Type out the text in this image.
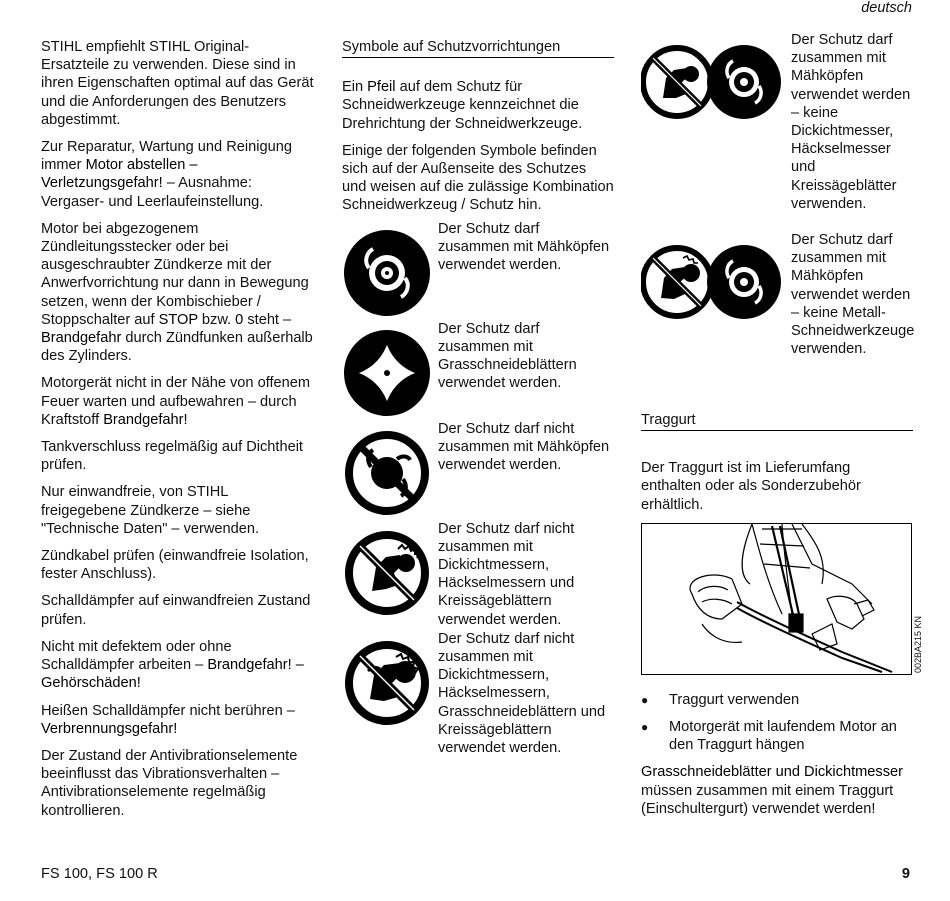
deutsch

STIHL empfiehlt STIHL Original-Ersatzteile zu verwenden. Diese sind in ihren Eigenschaften optimal auf das Gerät und die Anforderungen des Benutzers abgestimmt.

Zur Reparatur, Wartung und Reinigung immer Motor abstellen – Verletzungsgefahr! – Ausnahme: Vergaser- und Leerlaufeinstellung.

Motor bei abgezogenem Zündleitungsstecker oder bei ausgeschraubter Zündkerze mit der Anwerfvorrichtung nur dann in Bewegung setzen, wenn der Kombischieber / Stoppschalter auf STOP bzw. 0 steht – Brandgefahr durch Zündfunken außerhalb des Zylinders.

Motorgerät nicht in der Nähe von offenem Feuer warten und aufbewahren – durch Kraftstoff Brandgefahr!

Tankverschluss regelmäßig auf Dichtheit prüfen.

Nur einwandfreie, von STIHL freigegebene Zündkerze – siehe "Technische Daten" – verwenden.

Zündkabel prüfen (einwandfreie Isolation, fester Anschluss).

Schalldämpfer auf einwandfreien Zustand prüfen.

Nicht mit defektem oder ohne Schalldämpfer arbeiten – Brandgefahr! – Gehörschäden!

Heißen Schalldämpfer nicht berühren – Verbrennungsgefahr!

Der Zustand der Antivibrationselemente beeinflusst das Vibrationsverhalten – Antivibrationselemente regelmäßig kontrollieren.

Symbole auf Schutzvorrichtungen

Ein Pfeil auf dem Schutz für Schneidwerkzeuge kennzeichnet die Drehrichtung der Schneidwerkzeuge.

Einige der folgenden Symbole befinden sich auf der Außenseite des Schutzes und weisen auf die zulässige Kombination Schneidwerkzeug / Schutz hin.

Der Schutz darf zusammen mit Mähköpfen verwendet werden.
Der Schutz darf zusammen mit Grasschneideblättern verwendet werden.
Der Schutz darf nicht zusammen mit Mähköpfen verwendet werden.
Der Schutz darf nicht zusammen mit Dickichtmessern, Häckselmessern und Kreissägeblättern verwendet werden.
Der Schutz darf nicht zusammen mit Dickichtmessern, Häckselmessern, Grasschneideblättern und Kreissägeblättern verwendet werden.
Der Schutz darf zusammen mit Mähköpfen verwendet werden – keine Dickichtmesser, Häckselmesser und Kreissägeblätter verwenden.
Der Schutz darf zusammen mit Mähköpfen verwendet werden – keine Metall-Schneidwerkzeuge verwenden.
Traggurt

Der Traggurt ist im Lieferumfang enthalten oder als Sonderzubehör erhältlich.

002BA215 KN
●	Traggurt verwenden
●	Motorgerät mit laufendem Motor an den Traggurt hängen

Grasschneideblätter und Dickichtmesser müssen zusammen mit einem Traggurt (Einschultergurt) verwendet werden!

FS 100, FS 100 R	9
